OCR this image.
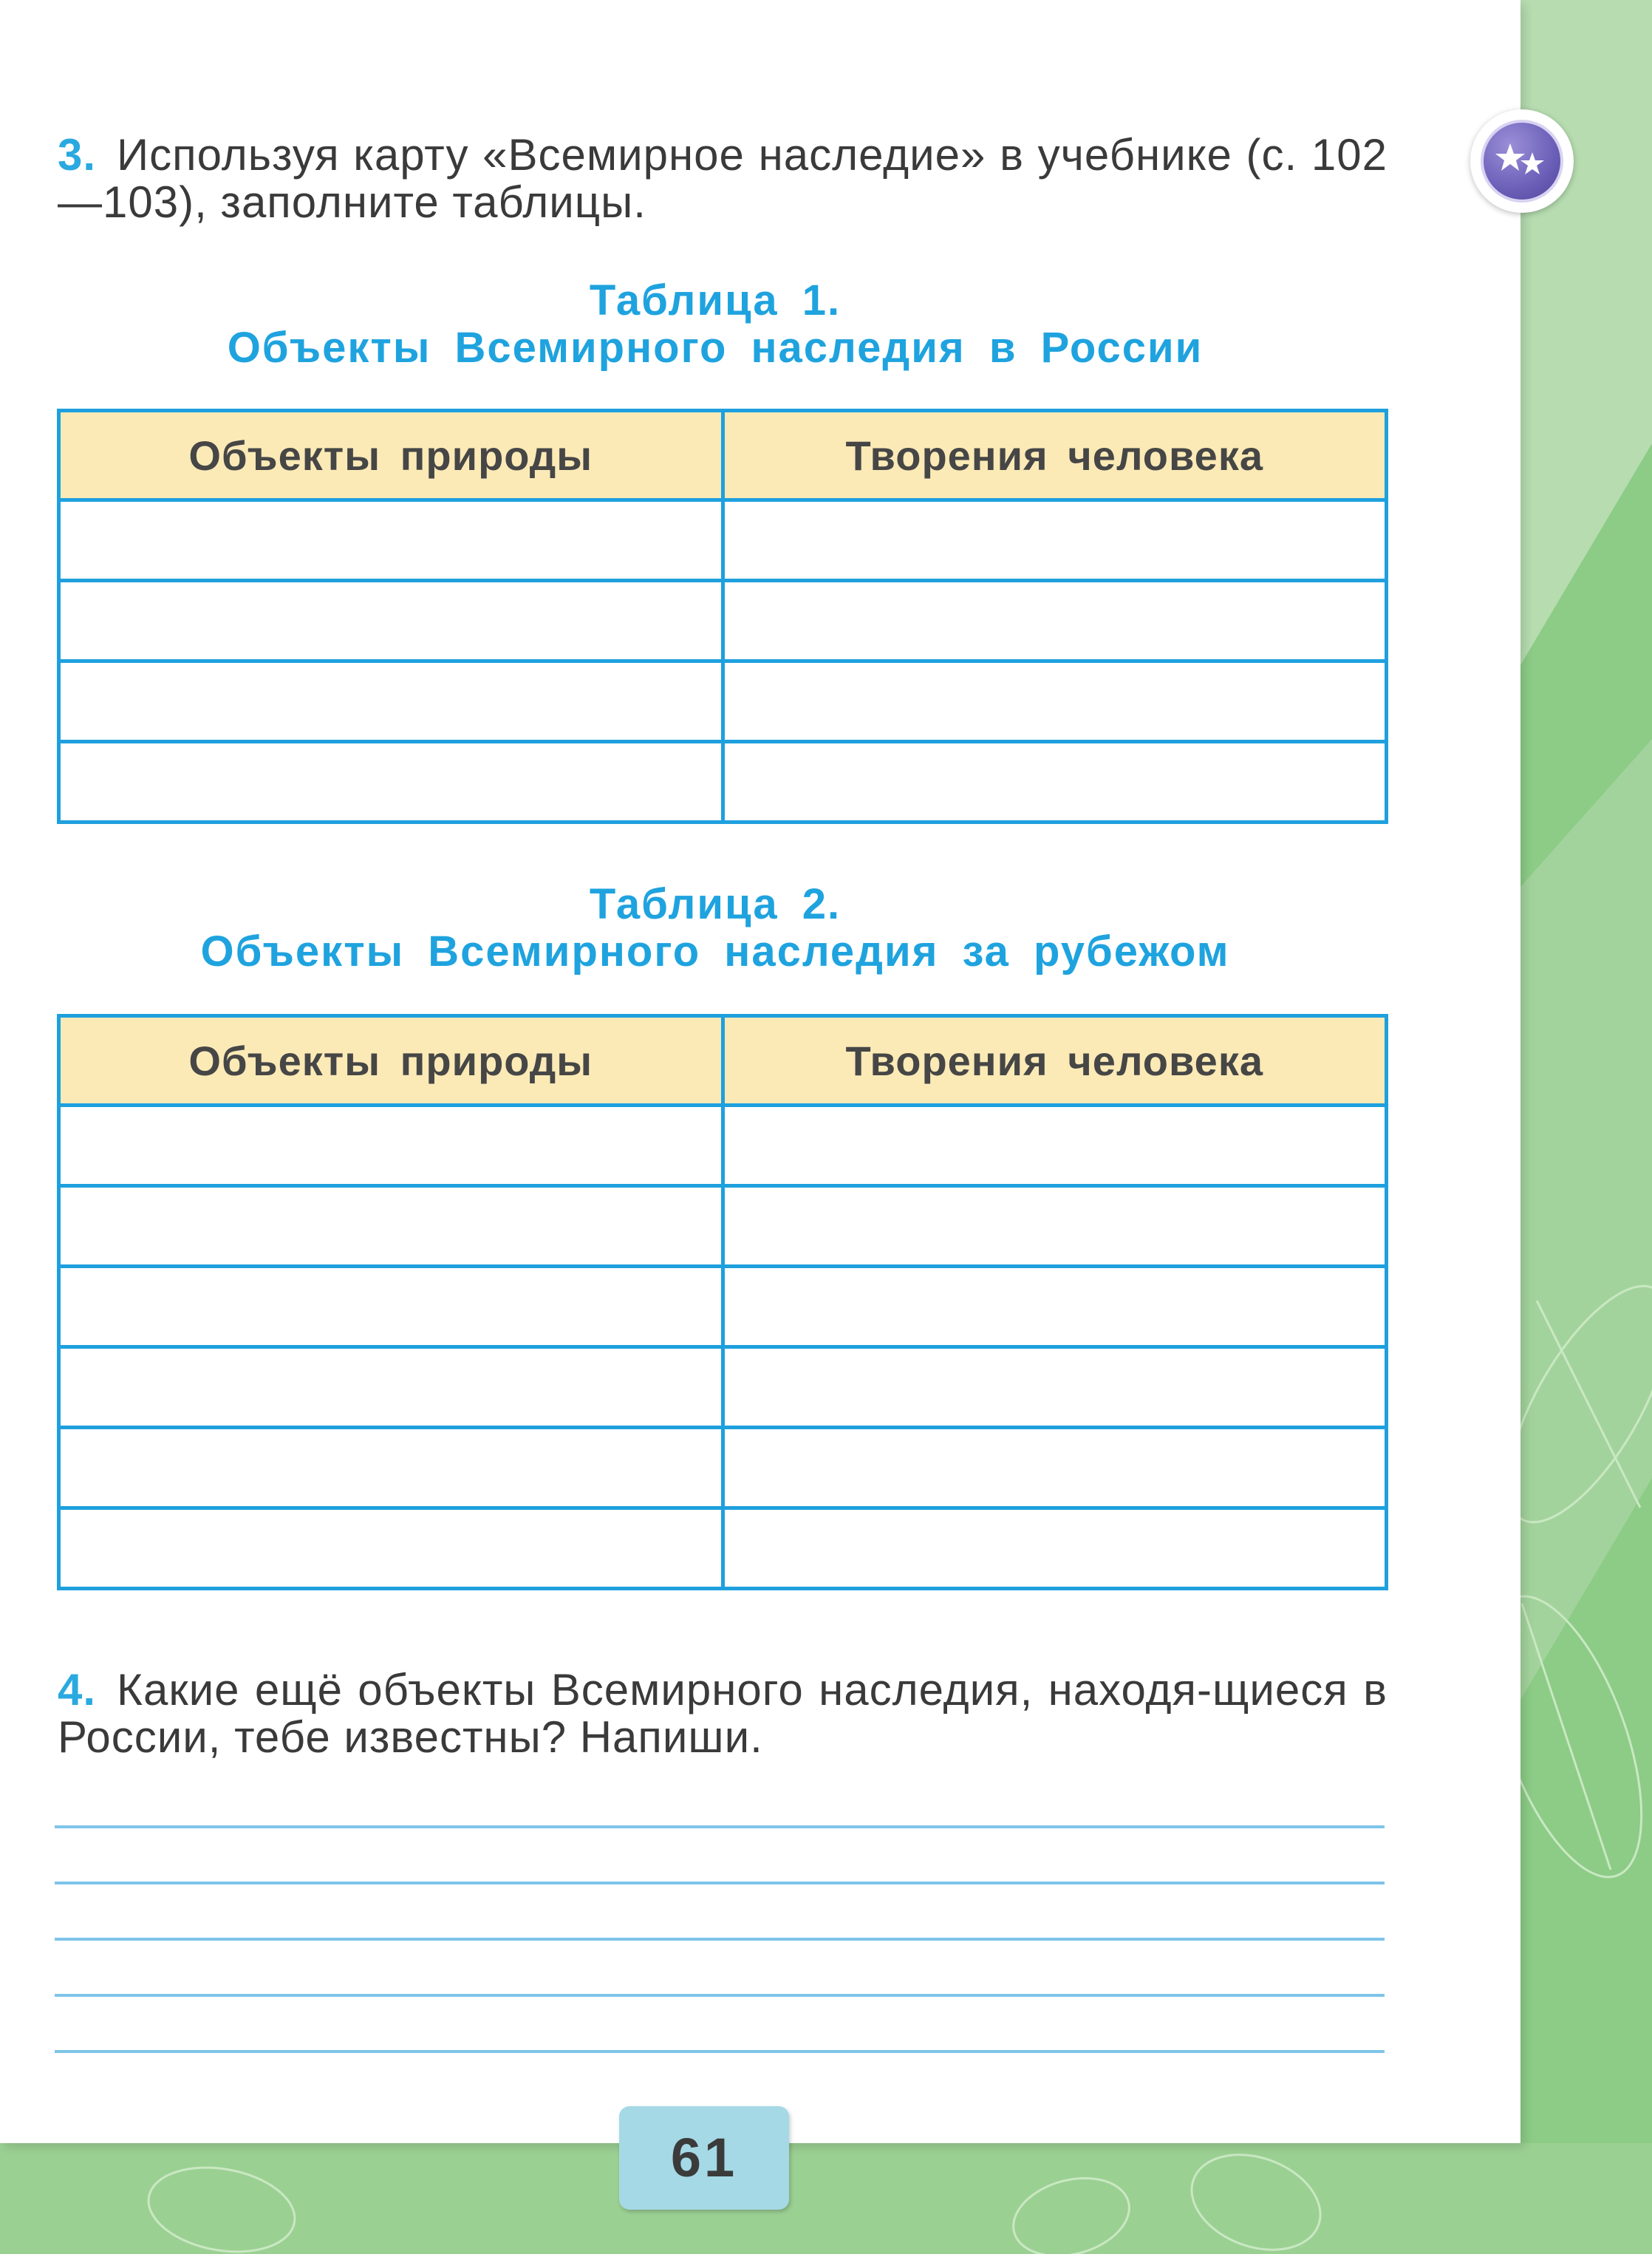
3. Используя карту «Всемирное наследие» в учебнике (с. 102—103), заполните таблицы.
Таблица 1.
Объекты Всемирного наследия в России
Объекты природы	Творения человека

Таблица 2.
Объекты Всемирного наследия за рубежом
Объекты природы	Творения человека

4. Какие ещё объекты Всемирного наследия, находя-щиеся в России, тебе известны? Напиши.
61
